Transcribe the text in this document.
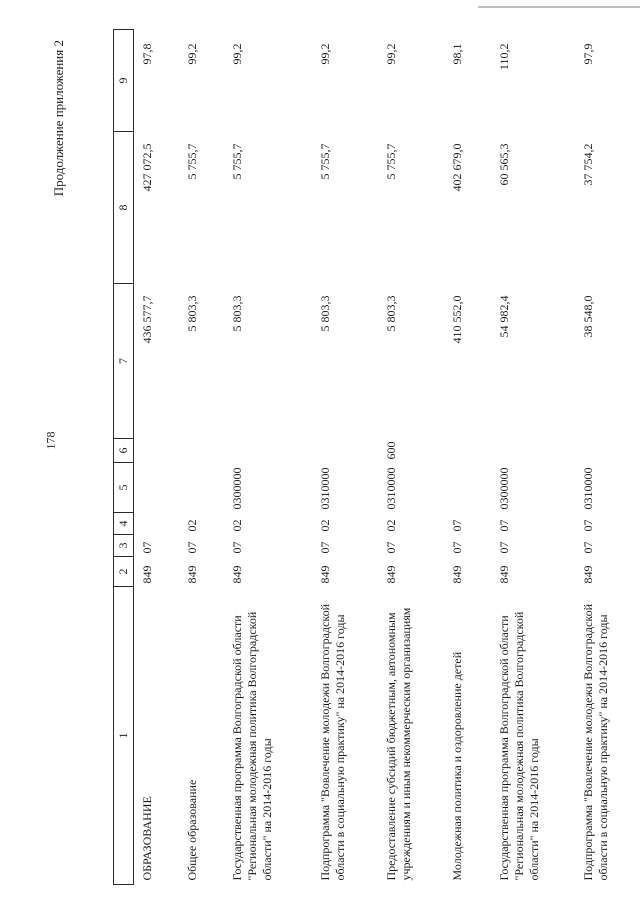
178
Продолжение приложения 2
1	2	3	4	5	6	7	8	9
ОБРАЗОВАНИЕ	849	07				436 577,7	427 072,5	97,8
Общее образование	849	07	02			5 803,3	5 755,7	99,2
Государственная программа Волгоградской области "Региональная молодежная политика Волгоградской области" на 2014-2016 годы	849	07	02	0300000		5 803,3	5 755,7	99,2
Подпрограмма "Вовлечение молодежи Волгоградской области в социальную практику" на 2014-2016 годы	849	07	02	0310000		5 803,3	5 755,7	99,2
Предоставление субсидий бюджетным, автономным учреждениям и иным некоммерческим организациям	849	07	02	0310000	600	5 803,3	5 755,7	99,2
Молодежная политика и оздоровление детей	849	07	07			410 552,0	402 679,0	98,1
Государственная программа Волгоградской области "Региональная молодежная политика Волгоградской области" на 2014-2016 годы	849	07	07	0300000		54 982,4	60 565,3	110,2
Подпрограмма "Вовлечение молодежи Волгоградской области в социальную практику" на 2014-2016 годы	849	07	07	0310000		38 548,0	37 754,2	97,9
